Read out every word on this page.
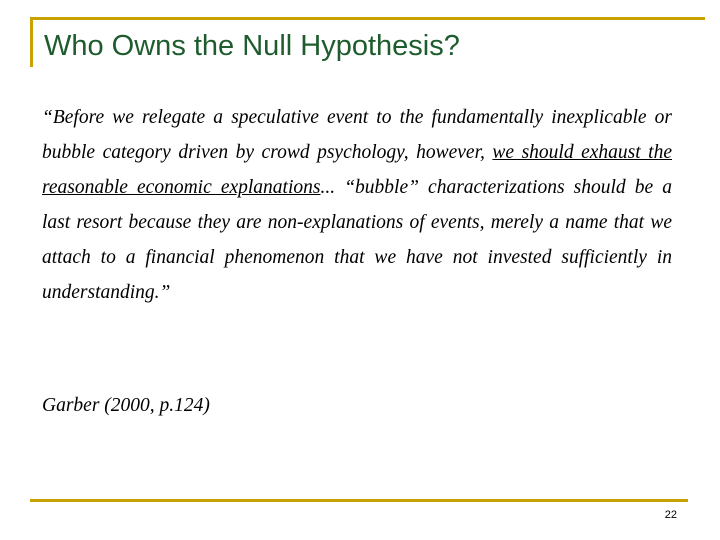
Who Owns the Null Hypothesis?

“Before we relegate a speculative event to the fundamentally inexplicable or bubble category driven by crowd psychology, however, we should exhaust the reasonable economic explanations... “bubble” characterizations should be a last resort because they are non-explanations of events, merely a name that we attach to a financial phenomenon that we have not invested sufficiently in understanding.”

Garber (2000, p.124)

22
